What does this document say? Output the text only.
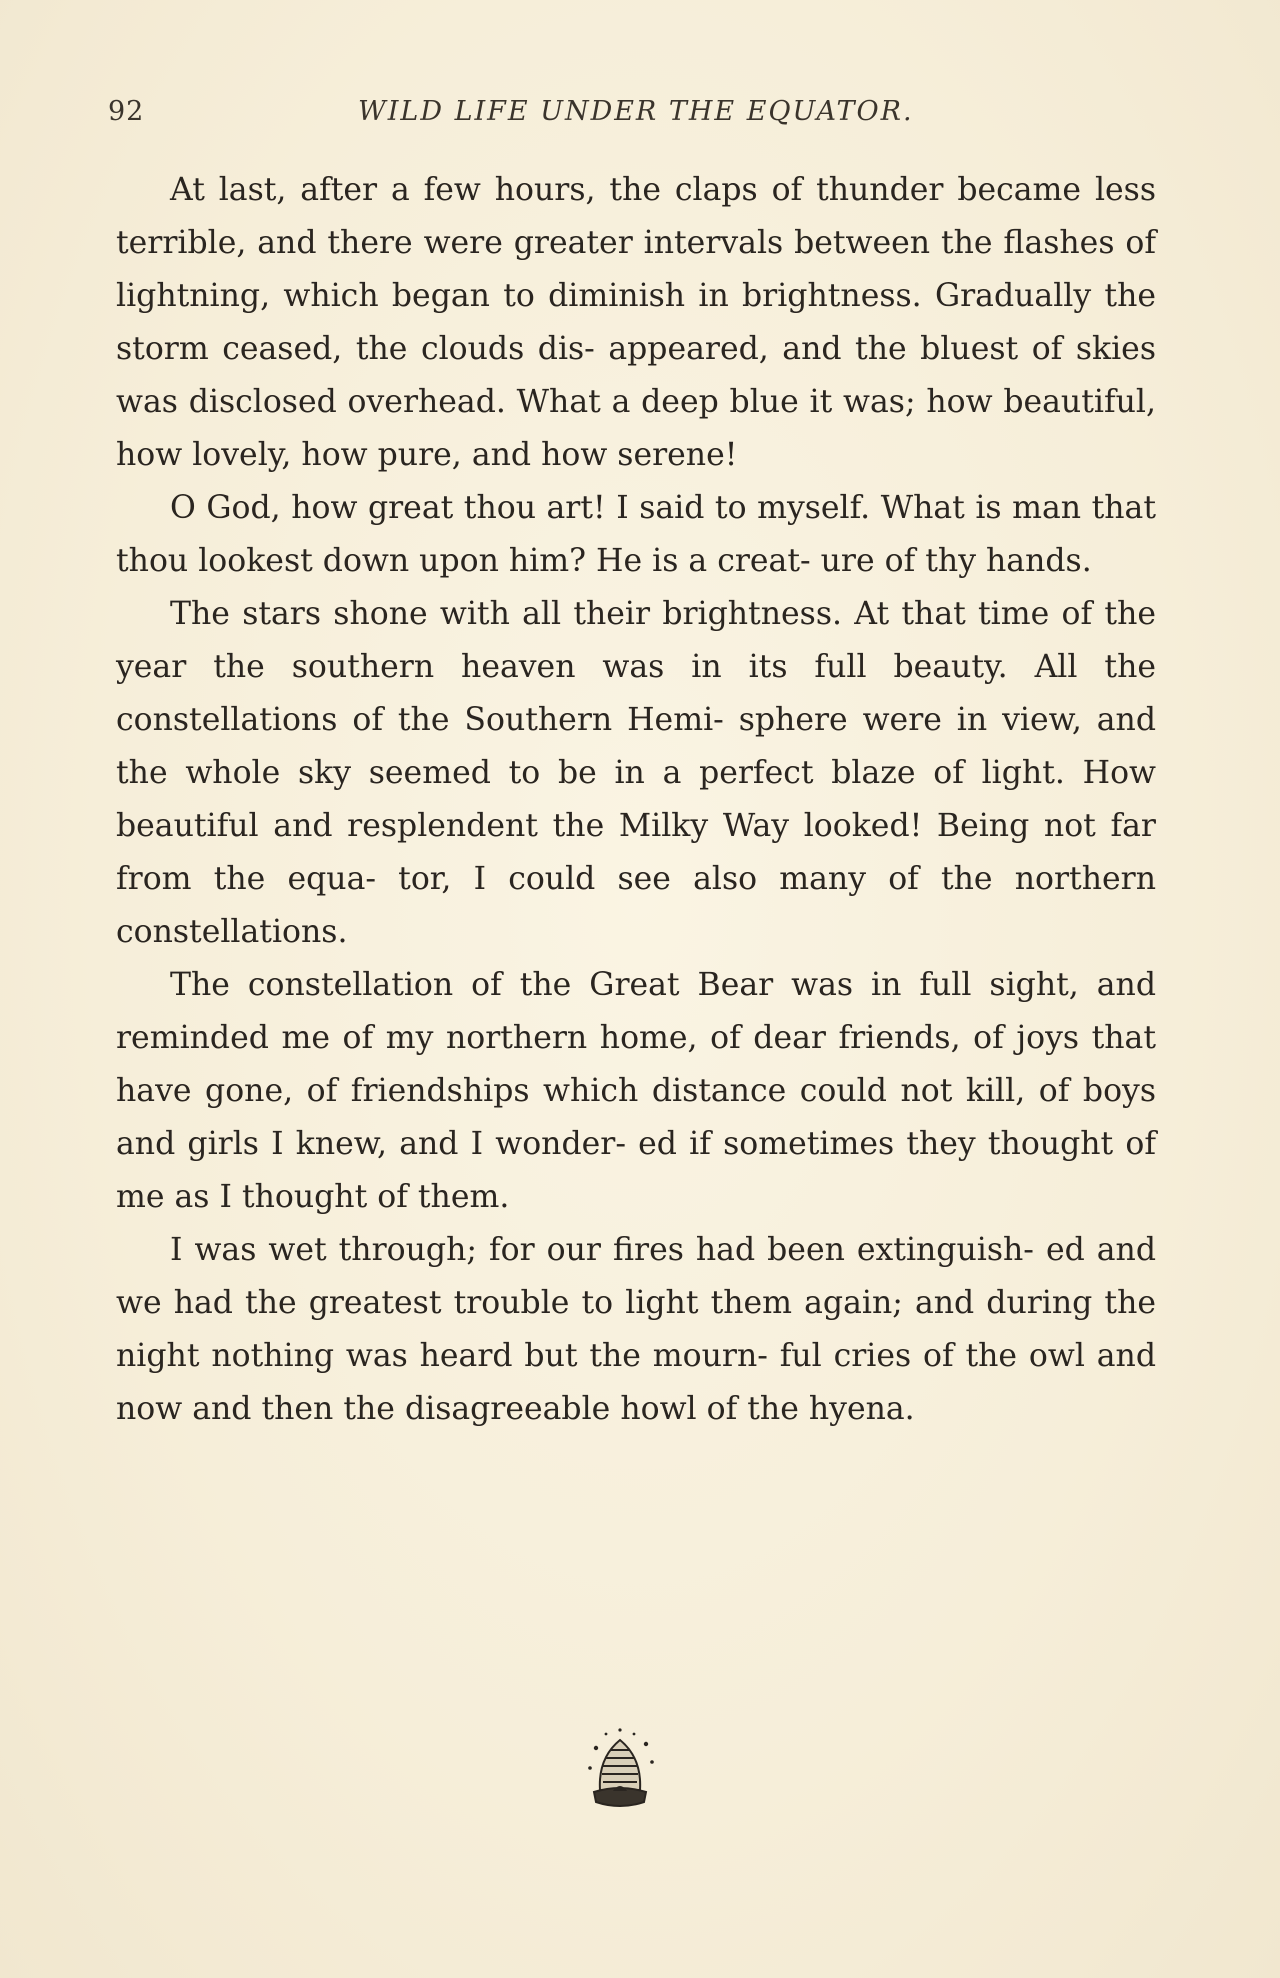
92	WILD LIFE UNDER THE EQUATOR.

At last, after a few hours, the claps of thunder became less terrible, and there were greater intervals between the flashes of lightning, which began to diminish in brightness. Gradually the storm ceased, the clouds dis- appeared, and the bluest of skies was disclosed overhead. What a deep blue it was; how beautiful, how lovely, how pure, and how serene!

O God, how great thou art! I said to myself. What is man that thou lookest down upon him? He is a creat- ure of thy hands.

The stars shone with all their brightness. At that time of the year the southern heaven was in its full beauty. All the constellations of the Southern Hemi- sphere were in view, and the whole sky seemed to be in a perfect blaze of light. How beautiful and resplendent the Milky Way looked! Being not far from the equa- tor, I could see also many of the northern constellations.

The constellation of the Great Bear was in full sight, and reminded me of my northern home, of dear friends, of joys that have gone, of friendships which distance could not kill, of boys and girls I knew, and I wonder- ed if sometimes they thought of me as I thought of them.

I was wet through; for our fires had been extinguish- ed and we had the greatest trouble to light them again; and during the night nothing was heard but the mourn- ful cries of the owl and now and then the disagreeable howl of the hyena.
